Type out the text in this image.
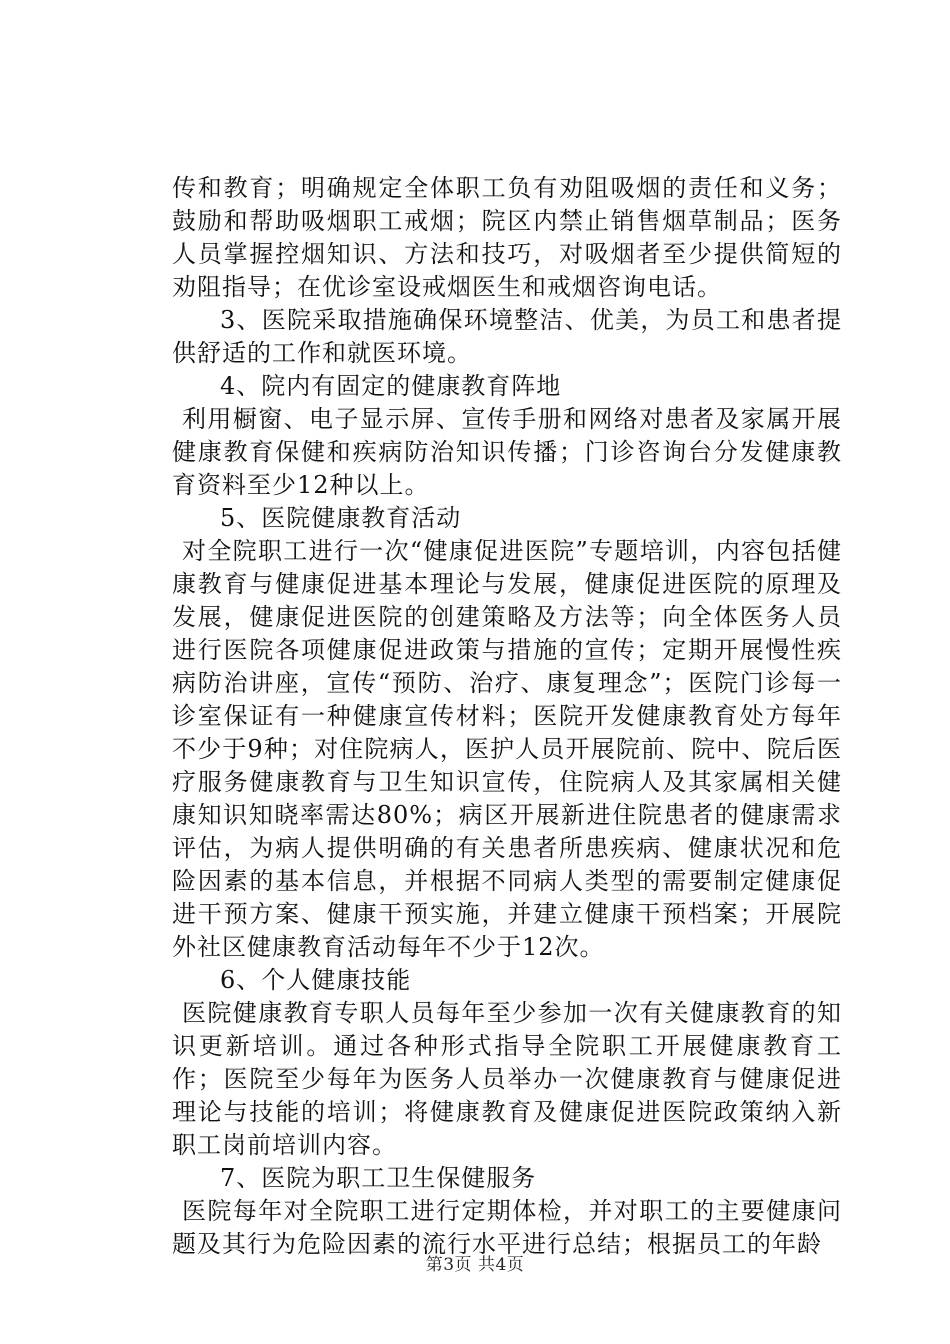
传和教育；明确规定全体职工负有劝阻吸烟的责任和义务；鼓励和帮助吸烟职工戒烟；院区内禁止销售烟草制品；医务人员掌握控烟知识、方法和技巧，对吸烟者至少提供简短的劝阻指导；在优诊室设戒烟医生和戒烟咨询电话。

3、医院采取措施确保环境整洁、优美，为员工和患者提供舒适的工作和就医环境。

4、院内有固定的健康教育阵地

利用橱窗、电子显示屏、宣传手册和网络对患者及家属开展健康教育保健和疾病防治知识传播；门诊咨询台分发健康教育资料至少12种以上。

5、医院健康教育活动

对全院职工进行一次“健康促进医院”专题培训，内容包括健康教育与健康促进基本理论与发展，健康促进医院的原理及发展，健康促进医院的创建策略及方法等；向全体医务人员进行医院各项健康促进政策与措施的宣传；定期开展慢性疾病防治讲座，宣传“预防、治疗、康复理念”；医院门诊每一诊室保证有一种健康宣传材料；医院开发健康教育处方每年不少于9种；对住院病人，医护人员开展院前、院中、院后医疗服务健康教育与卫生知识宣传，住院病人及其家属相关健康知识知晓率需达80%；病区开展新进住院患者的健康需求评估，为病人提供明确的有关患者所患疾病、健康状况和危险因素的基本信息，并根据不同病人类型的需要制定健康促进干预方案、健康干预实施，并建立健康干预档案；开展院外社区健康教育活动每年不少于12次。

6、个人健康技能

医院健康教育专职人员每年至少参加一次有关健康教育的知识更新培训。通过各种形式指导全院职工开展健康教育工作；医院至少每年为医务人员举办一次健康教育与健康促进理论与技能的培训；将健康教育及健康促进医院政策纳入新职工岗前培训内容。

7、医院为职工卫生保健服务

医院每年对全院职工进行定期体检，并对职工的主要健康问题及其行为危险因素的流行水平进行总结；根据员工的年龄

第3页 共4页
